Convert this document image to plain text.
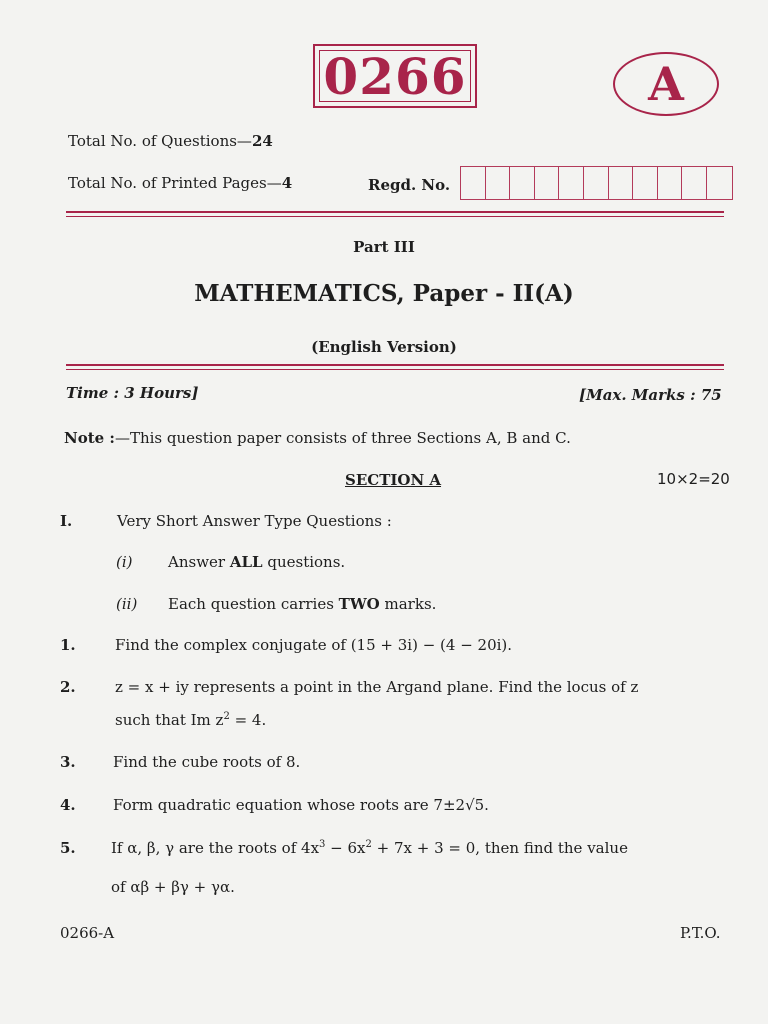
0266	A
Total No. of Questions—24
Total No. of Printed Pages—4	Regd. No.
Part III
MATHEMATICS, Paper - II(A)
(English Version)
Time : 3 Hours]	[Max. Marks : 75
Note :—This question paper consists of three Sections A, B and C.
SECTION A	10×2=20
I.	Very Short Answer Type Questions :
(i) Answer ALL questions.
(ii) Each question carries TWO marks.
1.	Find the complex conjugate of (15 + 3i) − (4 − 20i).
2.	z = x + iy represents a point in the Argand plane. Find the locus of z
such that Im $z^2 = 4$.
3. Find the cube roots of 8.
4. Form quadratic equation whose roots are 7±2√5.
5. If α, β, γ are the roots of $4x^3 - 6x^2 + 7x + 3 = 0$, then find the value
of αβ + βγ + γα.
0266-A	P.T.O.
